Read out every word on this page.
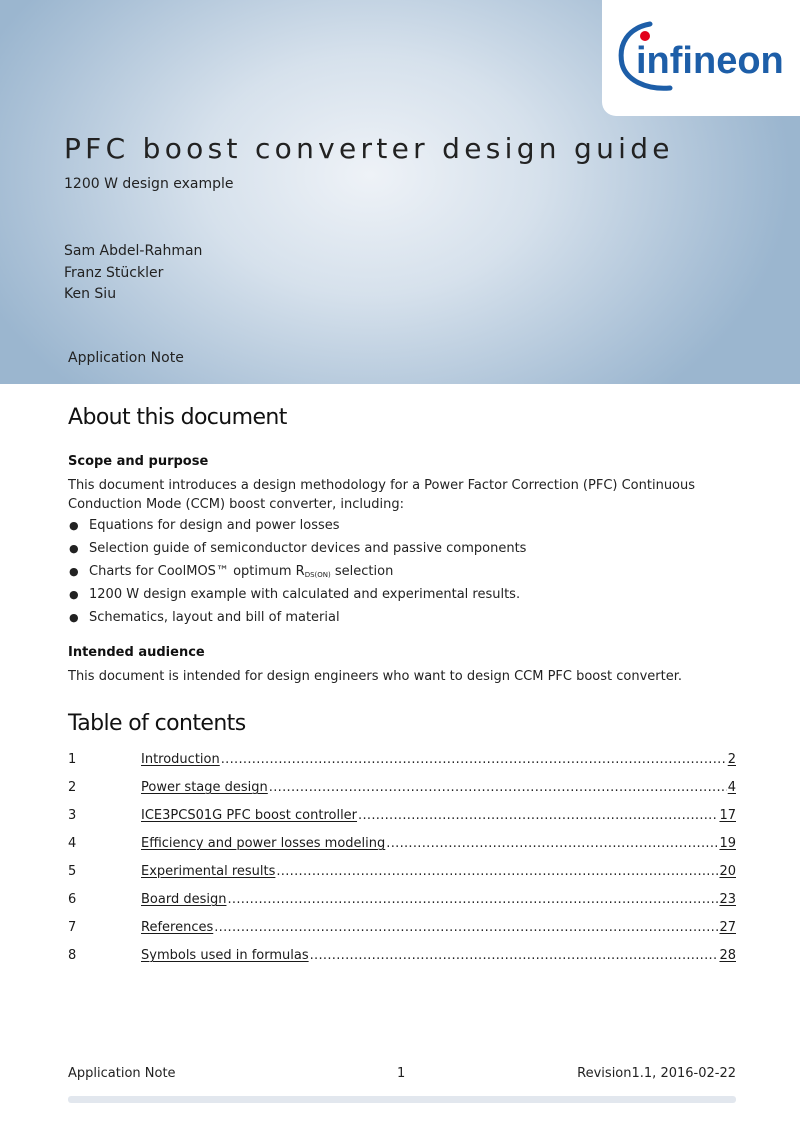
infineon
PFC boost converter design guide
1200 W design example
Sam Abdel-Rahman
Franz Stückler
Ken Siu
Application Note
About this document
Scope and purpose
This document introduces a design methodology for a Power Factor Correction (PFC) Continuous Conduction Mode (CCM) boost converter, including:
● Equations for design and power losses
● Selection guide of semiconductor devices and passive components
● Charts for CoolMOS™ optimum $R_{DS(ON)}$ selection
● 1200 W design example with calculated and experimental results.
● Schematics, layout and bill of material
Intended audience
This document is intended for design engineers who want to design CCM PFC boost converter.
Table of contents
1	Introduction .....	2
2	Power stage design .....	4
3	ICE3PCS01G PFC boost controller .....	17
4	Efficiency and power losses modeling .....	19
5	Experimental results .....	20
6	Board design .....	23
7	References .....	27
8	Symbols used in formulas .....	28
Application Note	1	Revision1.1, 2016-02-22
